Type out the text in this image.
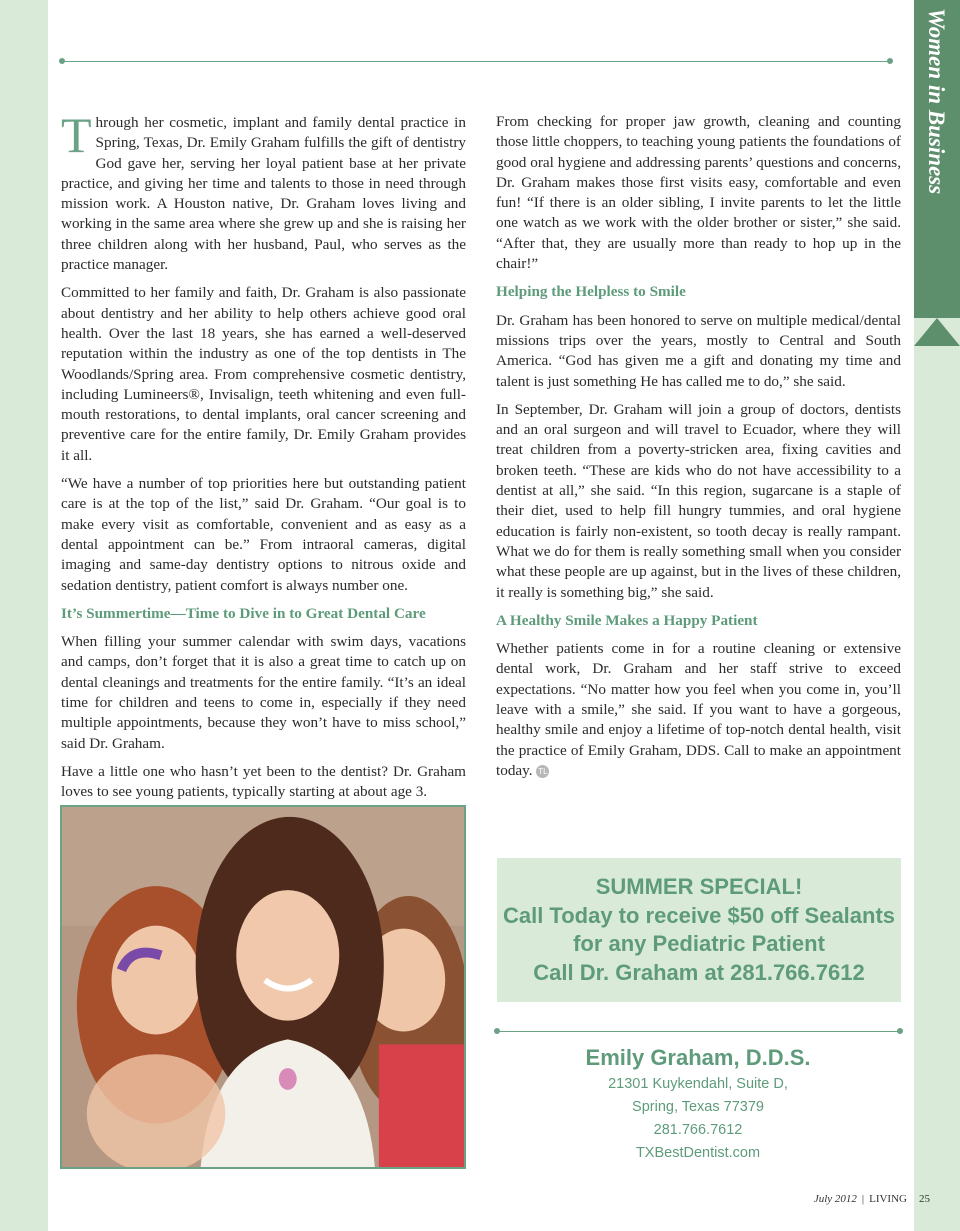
Women in Business

Through her cosmetic, implant and family dental practice in Spring, Texas, Dr. Emily Graham fulfills the gift of dentistry God gave her, serving her loyal patient base at her private practice, and giving her time and talents to those in need through mission work. A Houston native, Dr. Graham loves living and working in the same area where she grew up and she is raising her three children along with her husband, Paul, who serves as the practice manager.

Committed to her family and faith, Dr. Graham is also passionate about dentistry and her ability to help others achieve good oral health. Over the last 18 years, she has earned a well-deserved reputation within the industry as one of the top dentists in The Woodlands/Spring area. From comprehensive cosmetic dentistry, including Lumineers®, Invisalign, teeth whitening and even full-mouth restorations, to dental implants, oral cancer screening and preventive care for the entire family, Dr. Emily Graham provides it all.

“We have a number of top priorities here but outstanding patient care is at the top of the list,” said Dr. Graham. “Our goal is to make every visit as comfortable, convenient and as easy as a dental appointment can be.” From intraoral cameras, digital imaging and same-day dentistry options to nitrous oxide and sedation dentistry, patient comfort is always number one.

It’s Summertime—Time to Dive in to Great Dental Care

When filling your summer calendar with swim days, vacations and camps, don’t forget that it is also a great time to catch up on dental cleanings and treatments for the entire family. “It’s an ideal time for children and teens to come in, especially if they need multiple appointments, because they won’t have to miss school,” said Dr. Graham.

Have a little one who hasn’t yet been to the dentist? Dr. Graham loves to see young patients, typically starting at about age 3.

From checking for proper jaw growth, cleaning and counting those little choppers, to teaching young patients the foundations of good oral hygiene and addressing parents’ questions and concerns, Dr. Graham makes those first visits easy, comfortable and even fun! “If there is an older sibling, I invite parents to let the little one watch as we work with the older brother or sister,” she said. “After that, they are usually more than ready to hop up in the chair!”

Helping the Helpless to Smile

Dr. Graham has been honored to serve on multiple medical/dental missions trips over the years, mostly to Central and South America. “God has given me a gift and donating my time and talent is just something He has called me to do,” she said.

In September, Dr. Graham will join a group of doctors, dentists and an oral surgeon and will travel to Ecuador, where they will treat children from a poverty-stricken area, fixing cavities and broken teeth. “These are kids who do not have accessibility to a dentist at all,” she said. “In this region, sugarcane is a staple of their diet, used to help fill hungry tummies, and oral hygiene education is fairly non-existent, so tooth decay is really rampant. What we do for them is really something small when you consider what these people are up against, but in the lives of these children, it really is something big,” she said.

A Healthy Smile Makes a Happy Patient

Whether patients come in for a routine cleaning or extensive dental work, Dr. Graham and her staff strive to exceed expectations. “No matter how you feel when you come in, you’ll leave with a smile,” she said. If you want to have a gorgeous, healthy smile and enjoy a lifetime of top-notch dental health, visit the practice of Emily Graham, DDS. Call to make an appointment today. TL

SUMMER SPECIAL!
Call Today to receive $50 off Sealants
for any Pediatric Patient
Call Dr. Graham at 281.766.7612
Emily Graham, D.D.S.
21301 Kuykendahl, Suite D,
Spring, Texas 77379
281.766.7612
TXBestDentist.com
July 2012 | LIVING 25
